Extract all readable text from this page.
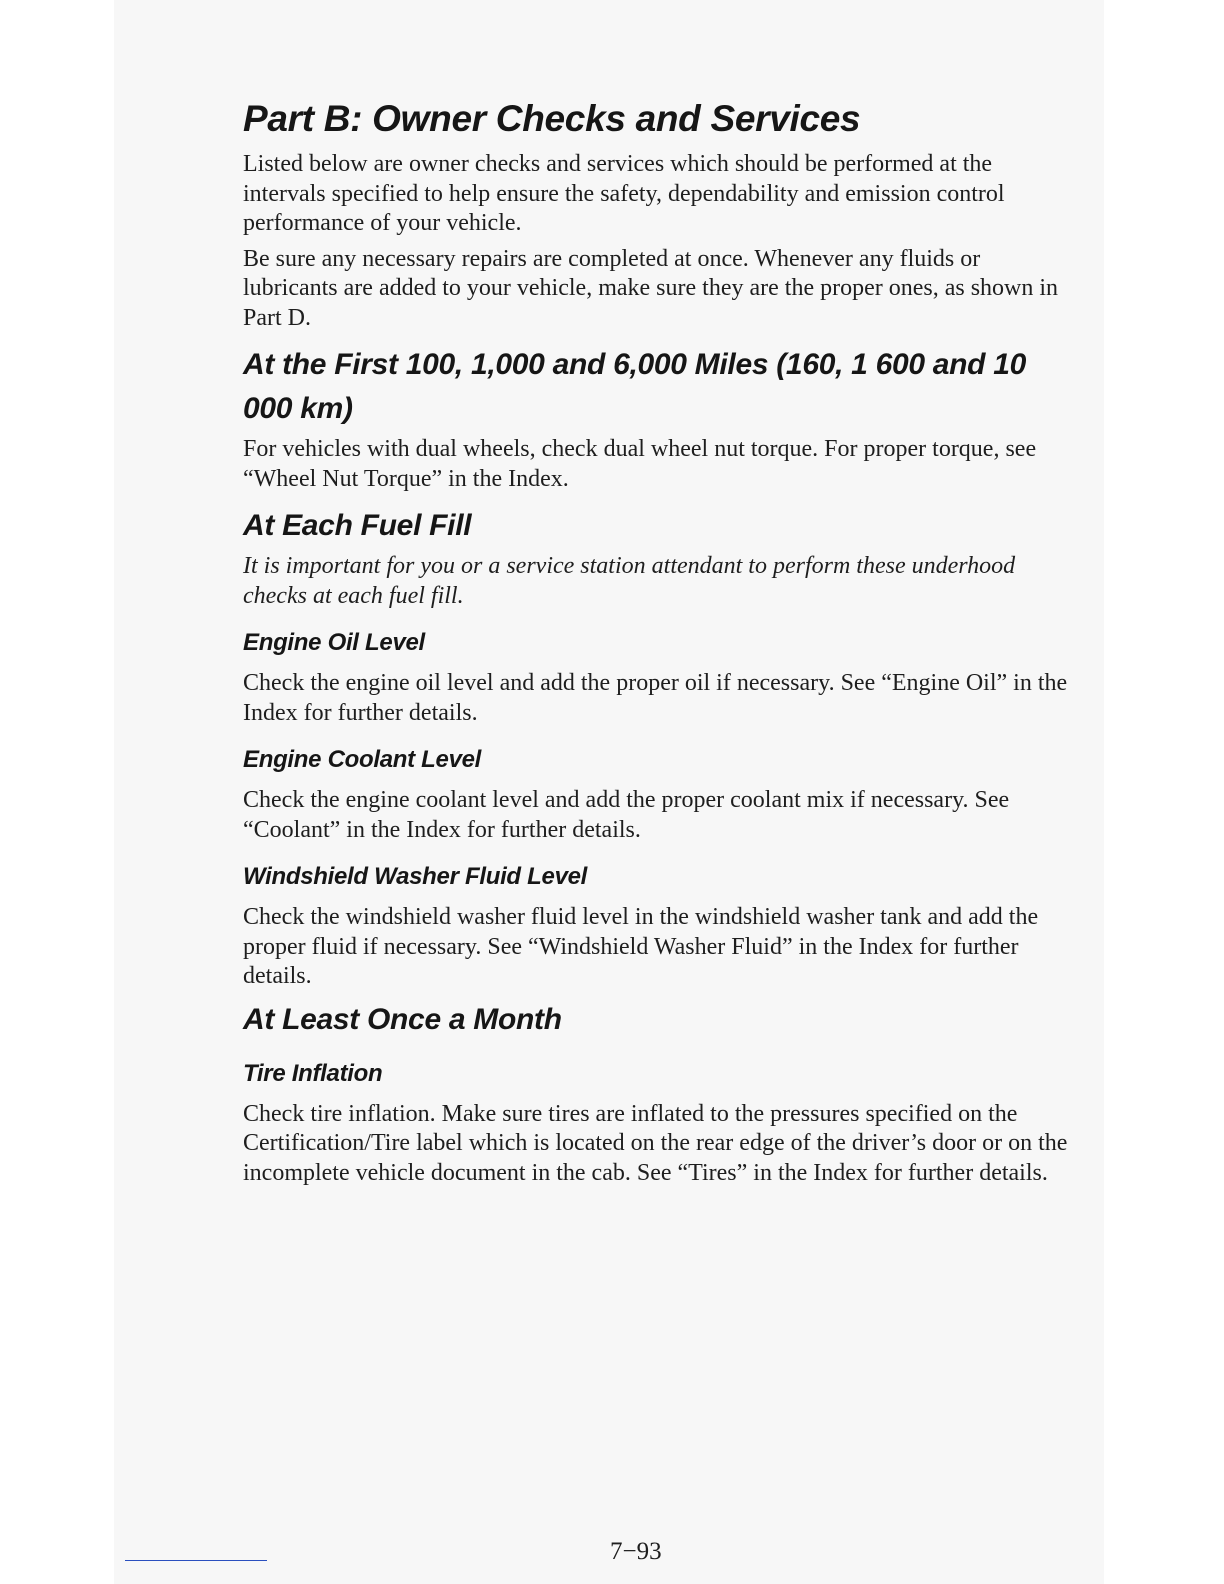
Part B: Owner Checks and Services

Listed below are owner checks and services which should be performed at the intervals specified to help ensure the safety, dependability and emission control performance of your vehicle.

Be sure any necessary repairs are completed at once. Whenever any fluids or lubricants are added to your vehicle, make sure they are the proper ones, as shown in Part D.

At the First 100, 1,000 and 6,000 Miles (160, 1 600 and 10 000 km)

For vehicles with dual wheels, check dual wheel nut torque. For proper torque, see “Wheel Nut Torque” in the Index.

At Each Fuel Fill

It is important for you or a service station attendant to perform these underhood checks at each fuel fill.

Engine Oil Level

Check the engine oil level and add the proper oil if necessary. See “Engine Oil” in the Index for further details.

Engine Coolant Level

Check the engine coolant level and add the proper coolant mix if necessary. See “Coolant” in the Index for further details.

Windshield Washer Fluid Level

Check the windshield washer fluid level in the windshield washer tank and add the proper fluid if necessary. See “Windshield Washer Fluid” in the Index for further details.

At Least Once a Month
Tire Inflation

Check tire inflation. Make sure tires are inflated to the pressures specified on the Certification/Tire label which is located on the rear edge of the driver’s door or on the incomplete vehicle document in the cab. See “Tires” in the Index for further details.

7−93
